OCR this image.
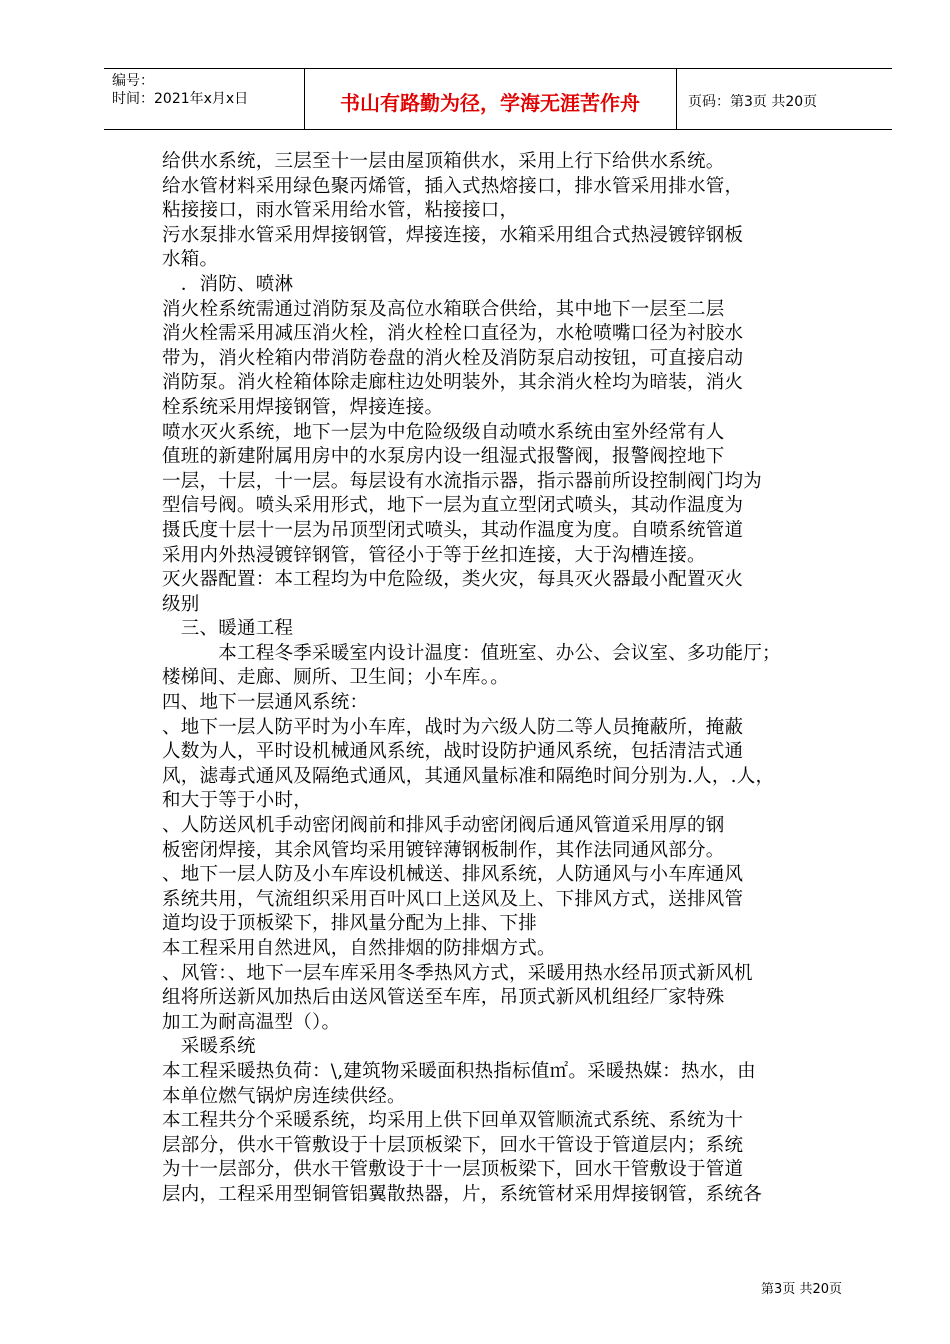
编号：
时间：2021年x月x日	书山有路勤为径，学海无涯苦作舟	页码：第3页 共20页
给供水系统，三层至十一层由屋顶箱供水，采用上行下给供水系统。
给水管材料采用绿色聚丙烯管，插入式热熔接口，排水管采用排水管，
粘接接口，雨水管采用给水管，粘接接口，
污水泵排水管采用焊接钢管，焊接连接，水箱采用组合式热浸镀锌钢板
水箱。
　．消防、喷淋
消火栓系统需通过消防泵及高位水箱联合供给，其中地下一层至二层
消火栓需采用减压消火栓，消火栓栓口直径为，水枪喷嘴口径为衬胶水
带为，消火栓箱内带消防卷盘的消火栓及消防泵启动按钮，可直接启动
消防泵。消火栓箱体除走廊柱边处明装外，其余消火栓均为暗装，消火
栓系统采用焊接钢管，焊接连接。
喷水灭火系统，地下一层为中危险级级自动喷水系统由室外经常有人
值班的新建附属用房中的水泵房内设一组湿式报警阀，报警阀控地下
一层，十层，十一层。每层设有水流指示器，指示器前所设控制阀门均为
型信号阀。喷头采用形式，地下一层为直立型闭式喷头，其动作温度为
摄氏度十层十一层为吊顶型闭式喷头，其动作温度为度。自喷系统管道
采用内外热浸镀锌钢管，管径小于等于丝扣连接，大于沟槽连接。
灭火器配置：本工程均为中危险级，类火灾，每具灭火器最小配置灭火
级别
　三、暖通工程
　　　本工程冬季采暖室内设计温度：值班室、办公、会议室、多功能厅；
楼梯间、走廊、厕所、卫生间；小车库。。
四、地下一层通风系统：
、地下一层人防平时为小车库，战时为六级人防二等人员掩蔽所，掩蔽
人数为人，平时设机械通风系统，战时设防护通风系统，包括清洁式通
风，滤毒式通风及隔绝式通风，其通风量标准和隔绝时间分别为.人，.人，
和大于等于小时，
、人防送风机手动密闭阀前和排风手动密闭阀后通风管道采用厚的钢
板密闭焊接，其余风管均采用镀锌薄钢板制作，其作法同通风部分。
、地下一层人防及小车库设机械送、排风系统，人防通风与小车库通风
系统共用，气流组织采用百叶风口上送风及上、下排风方式，送排风管
道均设于顶板梁下，排风量分配为上排、下排
本工程采用自然进风，自然排烟的防排烟方式。
、风管：、地下一层车库采用冬季热风方式，采暖用热水经吊顶式新风机
组将所送新风加热后由送风管送至车库，吊顶式新风机组经厂家特殊
加工为耐高温型（）。
　采暖系统
本工程采暖热负荷：\,建筑物采暖面积热指标值㎡。采暖热媒：热水，由
本单位燃气锅炉房连续供经。
本工程共分个采暖系统，均采用上供下回单双管顺流式系统、系统为十
层部分，供水干管敷设于十层顶板梁下，回水干管设于管道层内；系统
为十一层部分，供水干管敷设于十一层顶板梁下，回水干管敷设于管道
层内，工程采用型铜管铝翼散热器，片，系统管材采用焊接钢管，系统各
第3页 共20页
